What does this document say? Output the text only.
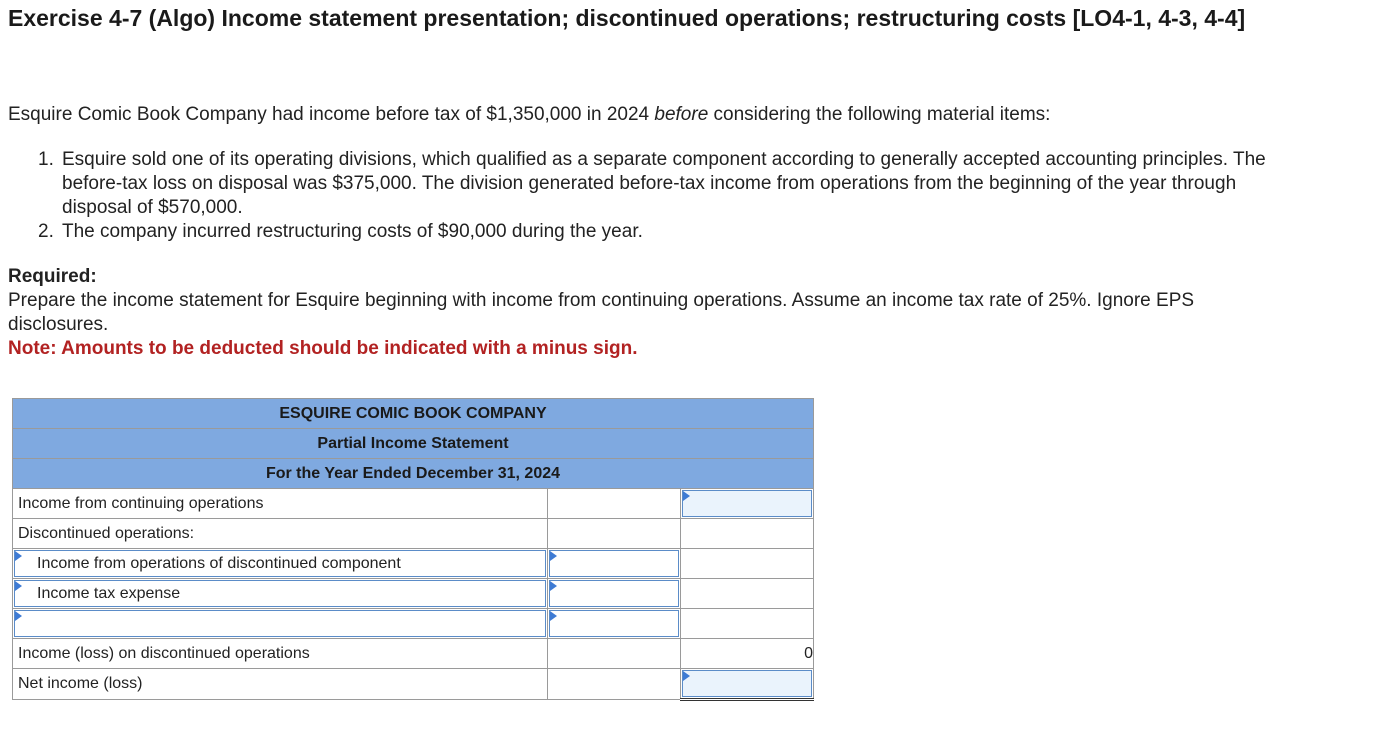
Exercise 4-7 (Algo) Income statement presentation; discontinued operations; restructuring costs [LO4-1, 4-3, 4-4]
Esquire Comic Book Company had income before tax of $1,350,000 in 2024 before considering the following material items:
1. Esquire sold one of its operating divisions, which qualified as a separate component according to generally accepted accounting principles. The before-tax loss on disposal was $375,000. The division generated before-tax income from operations from the beginning of the year through disposal of $570,000.
2. The company incurred restructuring costs of $90,000 during the year.
Required:
Prepare the income statement for Esquire beginning with income from continuing operations. Assume an income tax rate of 25%. Ignore EPS disclosures.
Note: Amounts to be deducted should be indicated with a minus sign.
ESQUIRE COMIC BOOK COMPANY		
Partial Income Statement		
For the Year Ended December 31, 2024		
Income from continuing operations		

Discontinued operations:		

Income from operations of discontinued component		

Income tax expense		

Income (loss) on discontinued operations		0
Net income (loss)		
